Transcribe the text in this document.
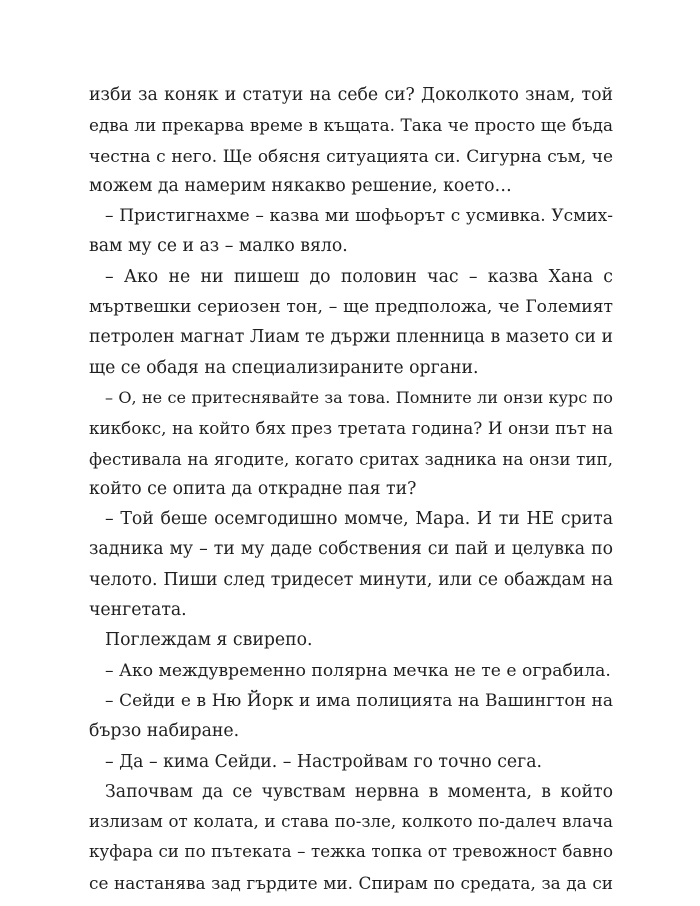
изби за коняк и статуи на себе си? Доколкото знам, той
едва ли прекарва време в къщата. Така че просто ще бъда
честна с него. Ще обясня ситуацията си. Сигурна съм, че
можем да намерим някакво решение, което…
– Пристигнахме – казва ми шофьорът с усмивка. Усмих-
вам му се и аз – малко вяло.
– Ако не ни пишеш до половин час – казва Хана с
мъртвешки сериозен тон, – ще предположа, че Големият
петролен магнат Лиам те държи пленница в мазето си и
ще се обадя на специализираните органи.
– О, не се притеснявайте за това. Помните ли онзи курс по
кикбокс, на който бях през третата година? И онзи път на
фестивала на ягодите, когато сритах задника на онзи тип,
който се опита да открадне пая ти?
– Той беше осемгодишно момче, Мара. И ти НЕ срита
задника му – ти му даде собствения си пай и целувка по
челото. Пиши след тридесет минути, или се обаждам на
ченгетата.
Поглеждам я свирепо.
– Ако междувременно полярна мечка не те е ограбила.
– Сейди е в Ню Йорк и има полицията на Вашингтон на
бързо набиране.
– Да – кима Сейди. – Настройвам го точно сега.
Започвам да се чувствам нервна в момента, в който
излизам от колата, и става по-зле, колкото по-далеч влача
куфара си по пътеката – тежка топка от тревожност бавно
се настанява зад гърдите ми. Спирам по средата, за да си
